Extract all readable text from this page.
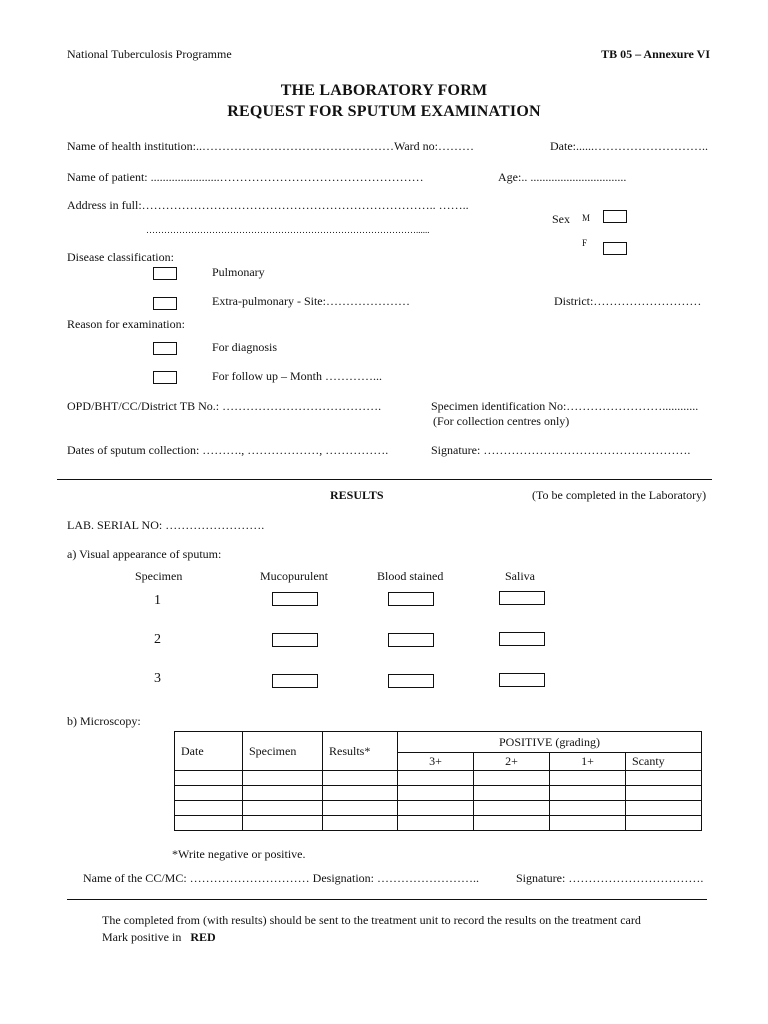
National Tuberculosis Programme	TB 05 – Annexure VI
THE LABORATORY FORM
REQUEST FOR SPUTUM EXAMINATION
Name of health institution:..…………………………………………Ward no:………	Date:......………………………..
Name of patient: .......................……………………………………………	Age:.. ................................
Address in full:……………………………………………………………….. ……..
………………………………………………………………………………......
Sex M
F
Disease classification:
Pulmonary
Extra-pulmonary - Site:…………………	District:………………………
Reason for examination:
For diagnosis
For follow up – Month …………...
OPD/BHT/CC/District TB No.: ………………………………….	Specimen identification No:……………………............
(For collection centres only)
Dates of sputum collection: ………., ………………, …………….	Signature: …………………………………………….
RESULTS	(To be completed in the Laboratory)
LAB. SERIAL NO: …………………….
a) Visual appearance of sputum:
Specimen	Mucopurulent	Blood stained	Saliva
1
2
3
b) Microscopy:
Date	Specimen	Results*	POSITIVE (grading)			
			3+	2+	1+	Scanty

*Write negative or positive.
Name of the CC/MC: ………………………… Designation: ……………………..	Signature: …………………………….
The completed from (with results) should be sent to the treatment unit to record the results on the treatment card
Mark positive in RED
